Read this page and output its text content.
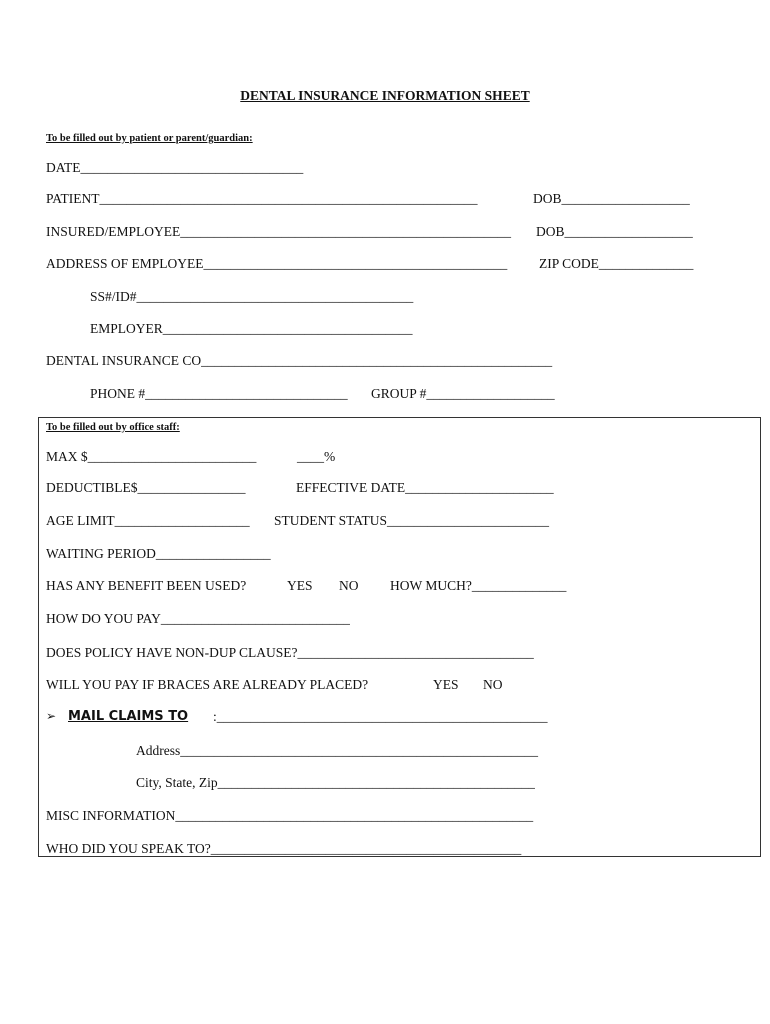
DENTAL INSURANCE INFORMATION SHEET
To be filled out by patient or parent/guardian:
DATE_________________________________
PATIENT________________________________________________________	DOB___________________
INSURED/EMPLOYEE_________________________________________________	DOB___________________
ADDRESS OF EMPLOYEE_____________________________________________	ZIP CODE______________
SS#/ID#_________________________________________
EMPLOYER_____________________________________
DENTAL INSURANCE CO____________________________________________________
PHONE #______________________________	GROUP #___________________
To be filled out by office staff:
MAX $_________________________	____%
DEDUCTIBLE$________________	EFFECTIVE DATE______________________
AGE LIMIT____________________	STUDENT STATUS________________________
WAITING PERIOD_________________
HAS ANY BENEFIT BEEN USED?	YES NO HOW MUCH?______________
HOW DO YOU PAY____________________________
DOES POLICY HAVE NON-DUP CLAUSE?___________________________________
WILL YOU PAY IF BRACES ARE ALREADY PLACED?	YES NO
➢ MAIL CLAIMS TO :_________________________________________________
Address_____________________________________________________
City, State, Zip_______________________________________________
MISC INFORMATION_____________________________________________________
WHO DID YOU SPEAK TO?______________________________________________
